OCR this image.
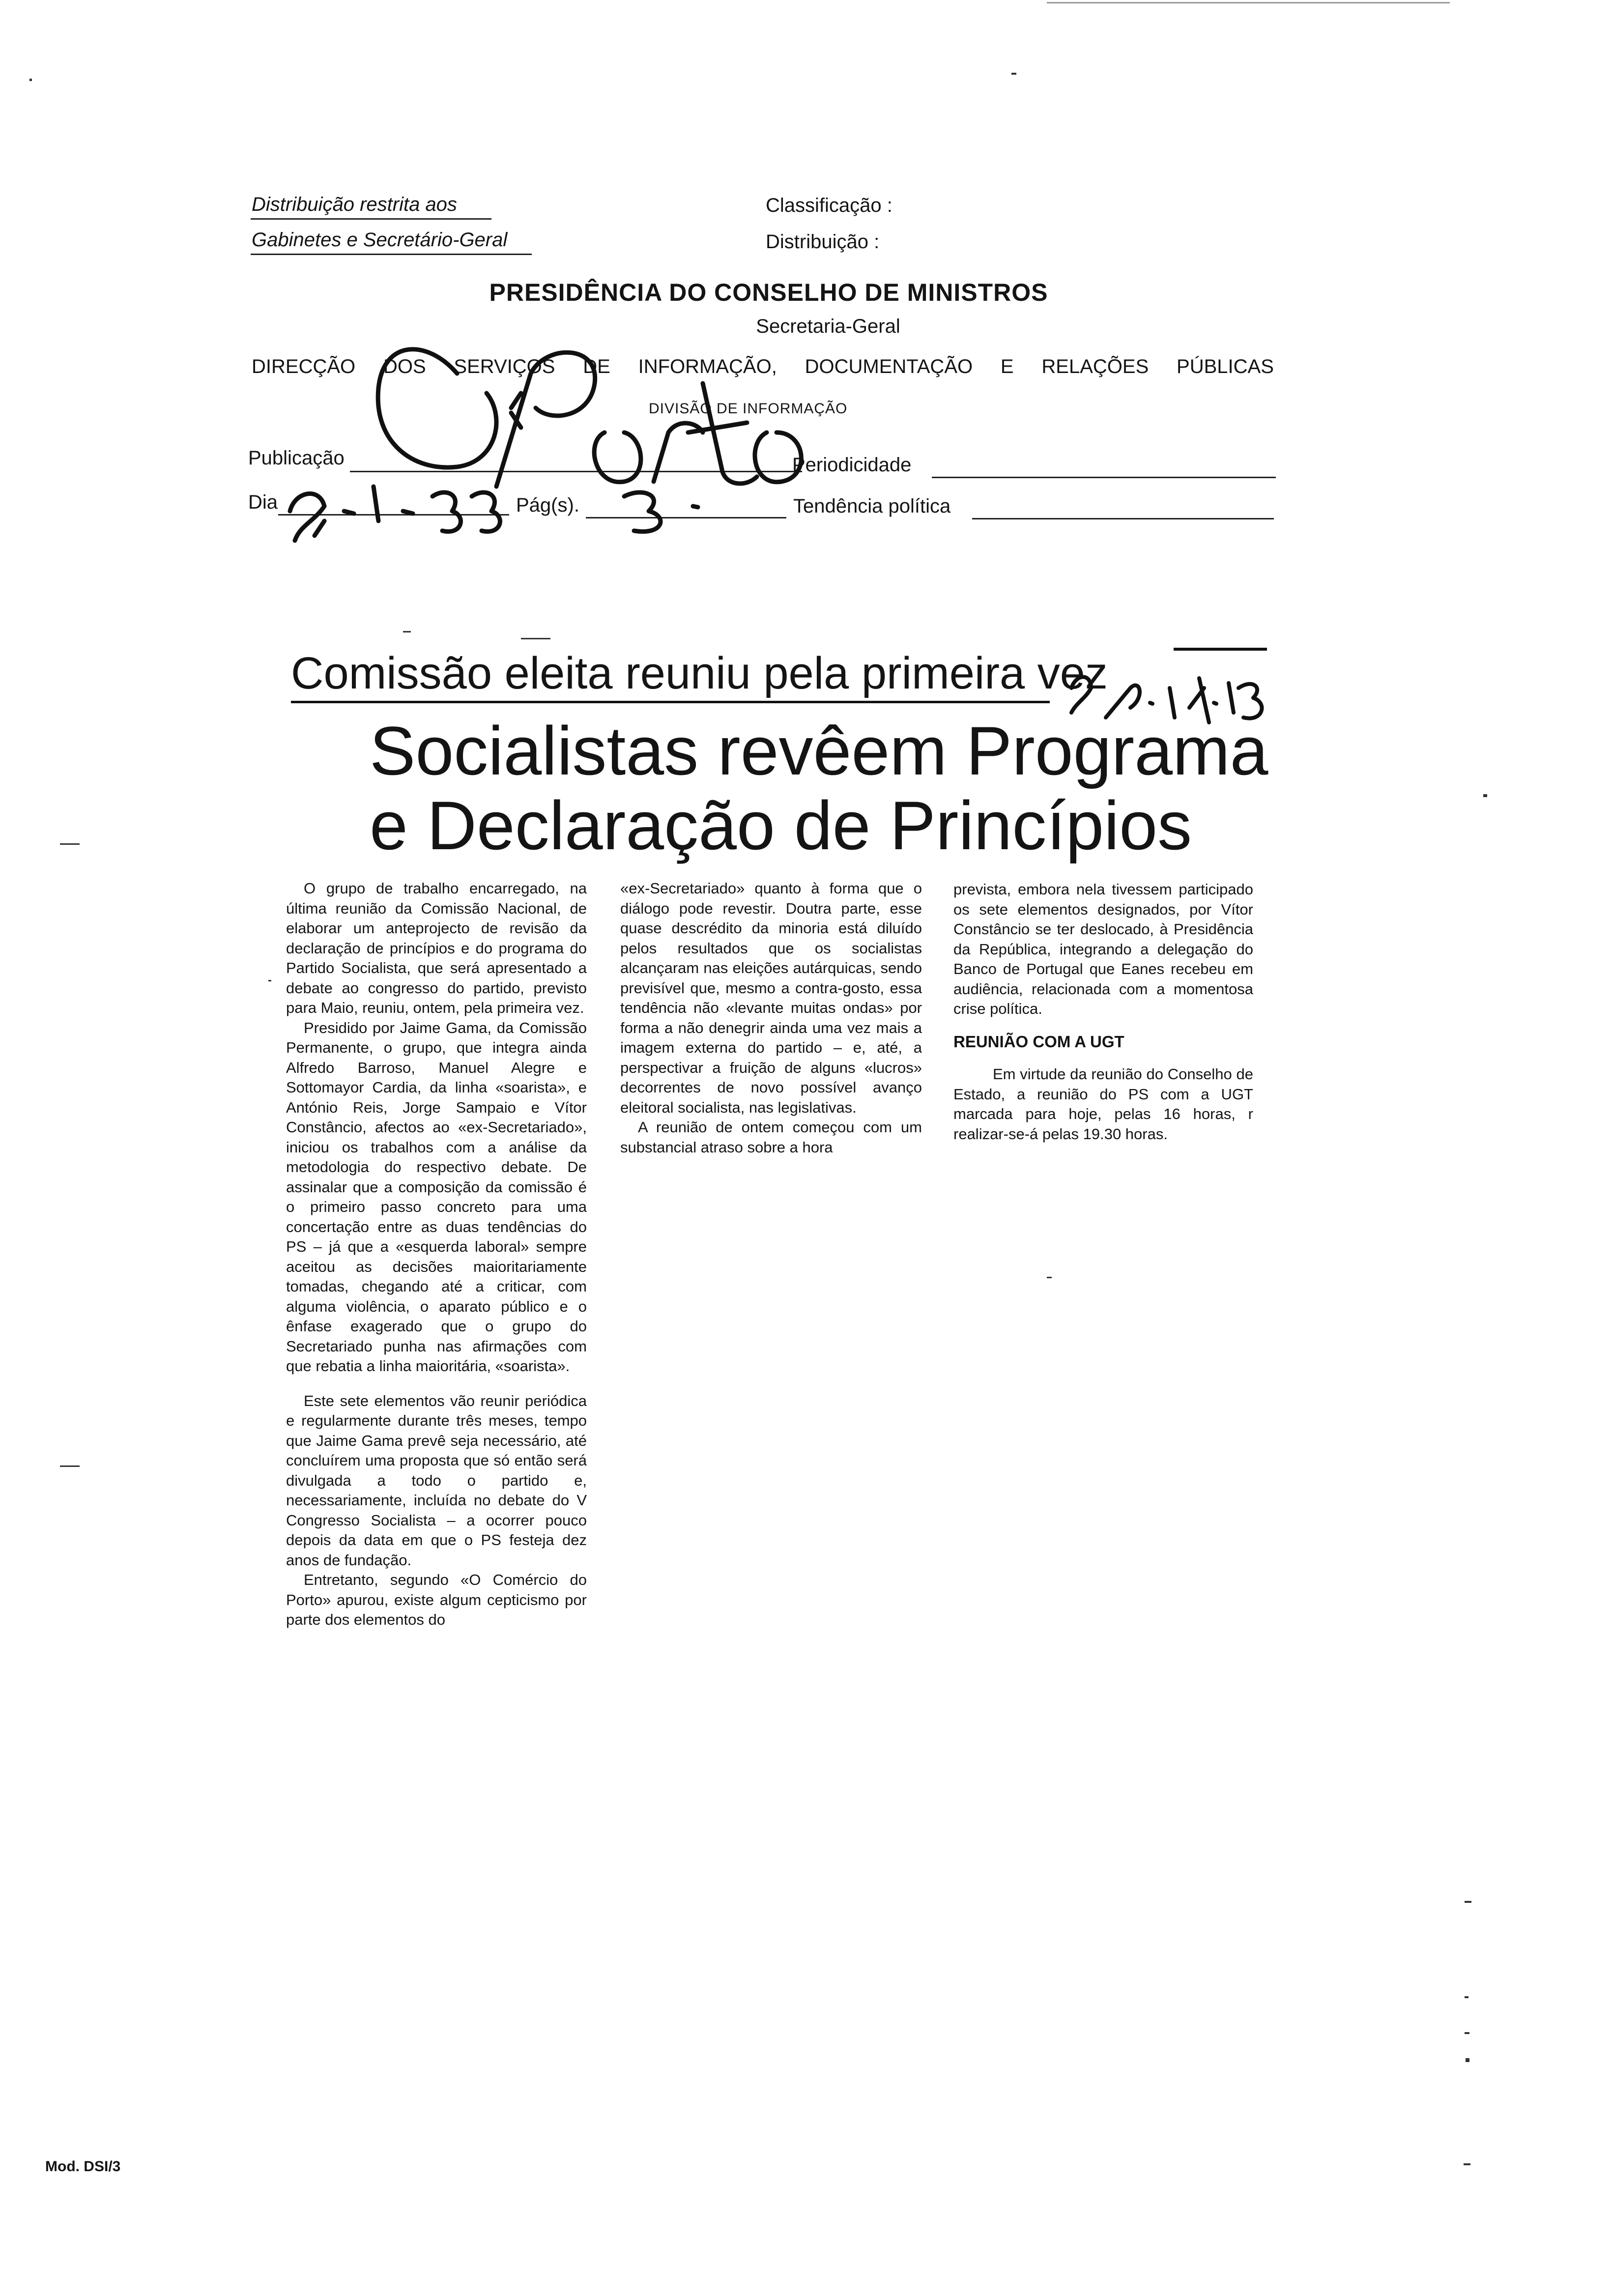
Distribuição restrita aos
Gabinetes e Secretário-Geral
Classificação :
Distribuição :
PRESIDÊNCIA DO CONSELHO DE MINISTROS
Secretaria-Geral
DIRECÇÃO DOS SERVIÇOS DE INFORMAÇÃO, DOCUMENTAÇÃO E RELAÇÕES PÚBLICAS
DIVISÃO DE INFORMAÇÃO
Publicação	Periodicidade
Dia	Pág(s).	Tendência política
Comissão eleita reuniu pela primeira vez
Socialistas revêem Programa
e Declaração de Princípios

O grupo de trabalho encarregado, na última reunião da Comissão Nacional, de elaborar um anteprojecto de revisão da declaração de princípios e do programa do Partido Socialista, que será apresentado a debate ao congresso do partido, previsto para Maio, reuniu, ontem, pela primeira vez.

Presidido por Jaime Gama, da Comissão Permanente, o grupo, que integra ainda Alfredo Barroso, Manuel Alegre e Sottomayor Cardia, da linha «soarista», e António Reis, Jorge Sampaio e Vítor Constâncio, afectos ao «ex-Secretariado», iniciou os trabalhos com a análise da metodologia do respectivo debate. De assinalar que a composição da comissão é o primeiro passo concreto para uma concertação entre as duas tendências do PS – já que a «esquerda laboral» sempre aceitou as decisões maioritariamente tomadas, chegando até a criticar, com alguma violência, o aparato público e o ênfase exagerado que o grupo do Secretariado punha nas afirmações com que rebatia a linha maioritária, «soarista».

Este sete elementos vão reunir periódica e regularmente durante três meses, tempo que Jaime Gama prevê seja necessário, até concluírem uma proposta que só então será divulgada a todo o partido e, necessariamente, incluída no debate do V Congresso Socialista – a ocorrer pouco depois da data em que o PS festeja dez anos de fundação.

Entretanto, segundo «O Comércio do Porto» apurou, existe algum cepticismo por parte dos elementos do

«ex-Secretariado» quanto à forma que o diálogo pode revestir. Doutra parte, esse quase descrédito da minoria está diluído pelos resultados que os socialistas alcançaram nas eleições autárquicas, sendo previsível que, mesmo a contra-gosto, essa tendência não «levante muitas ondas» por forma a não denegrir ainda uma vez mais a imagem externa do partido – e, até, a perspectivar a fruição de alguns «lucros» decorrentes de novo possível avanço eleitoral socialista, nas legislativas.

A reunião de ontem começou com um substancial atraso sobre a hora

prevista, embora nela tivessem participado os sete elementos designados, por Vítor Constâncio se ter deslocado, à Presidência da República, integrando a delegação do Banco de Portugal que Eanes recebeu em audiência, relacionada com a momentosa crise política.

REUNIÃO COM A UGT

Em virtude da reunião do Conselho de Estado, a reunião do PS com a UGT marcada para hoje, pelas 16 horas, r realizar-se-á pelas 19.30 horas.

Mod. DSI/3
